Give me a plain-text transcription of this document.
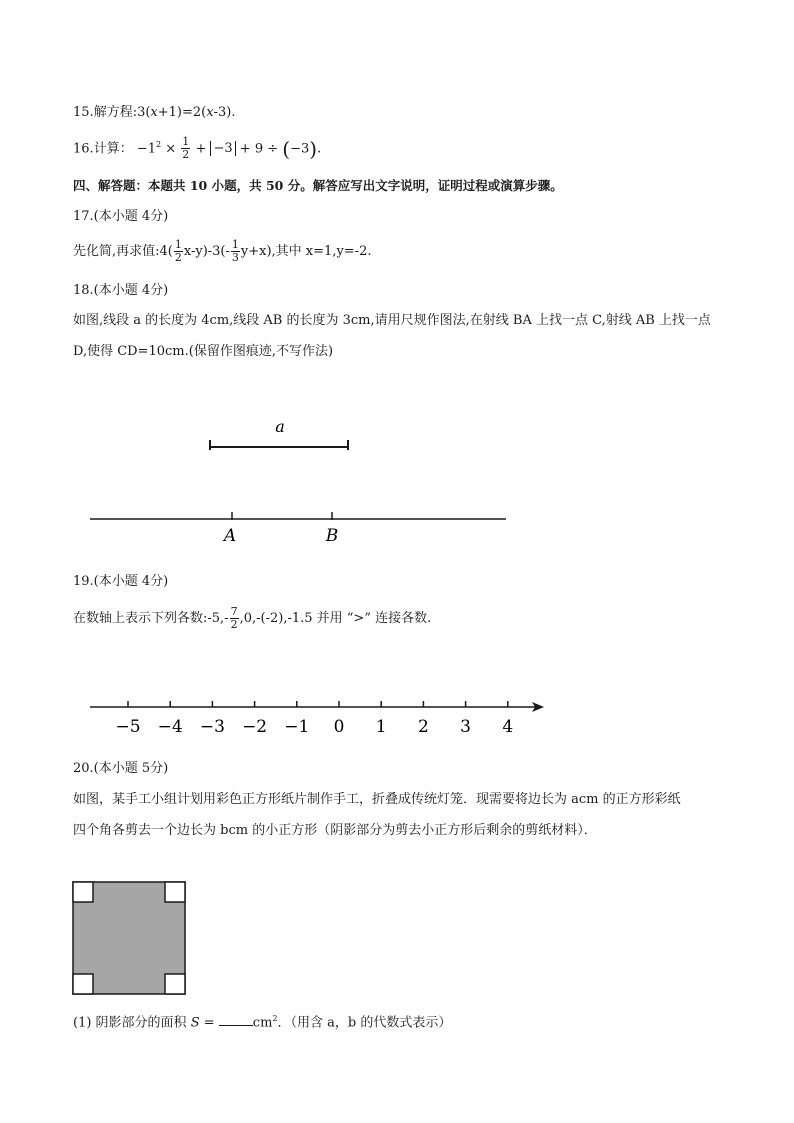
15.解方程:3(x+1)=2(x-3).
16.计算： $-1^2 \times \frac{1}{2} + -3 + 9 \div (-3)$.
四、解答题：本题共 10 小题，共 50 分。解答应写出文字说明，证明过程或演算步骤。
17.(本小题 4分)
先化简,再求值:4( $\frac{1}{2} x-y)-3(- \frac{1}{3} y+x)$,其中 x=1,y=-2.
18.(本小题 4分)
如图,线段 a 的长度为 4cm,线段 AB 的长度为 3cm,请用尺规作图法,在射线 BA 上找一点 C,射线 AB 上找一点
D,使得 CD=10cm.(保留作图痕迹,不写作法)
a
A	B
19.(本小题 4分)
在数轴上表示下列各数:-5,- $\frac{7}{2} ,0,-(-2),-1.5$ 并用 “>” 连接各数.
−5 −4 −3 −2 −1 0 1 2 3 4
20.(本小题 5分)
如图，某手工小组计划用彩色正方形纸片制作手工，折叠成传统灯笼．现需要将边长为 acm 的正方形彩纸
四个角各剪去一个边长为 bcm 的小正方形（阴影部分为剪去小正方形后剩余的剪纸材料）．
(1) 阴影部分的面积 S =	$cm^2$．（用含 a，b 的代数式表示）
